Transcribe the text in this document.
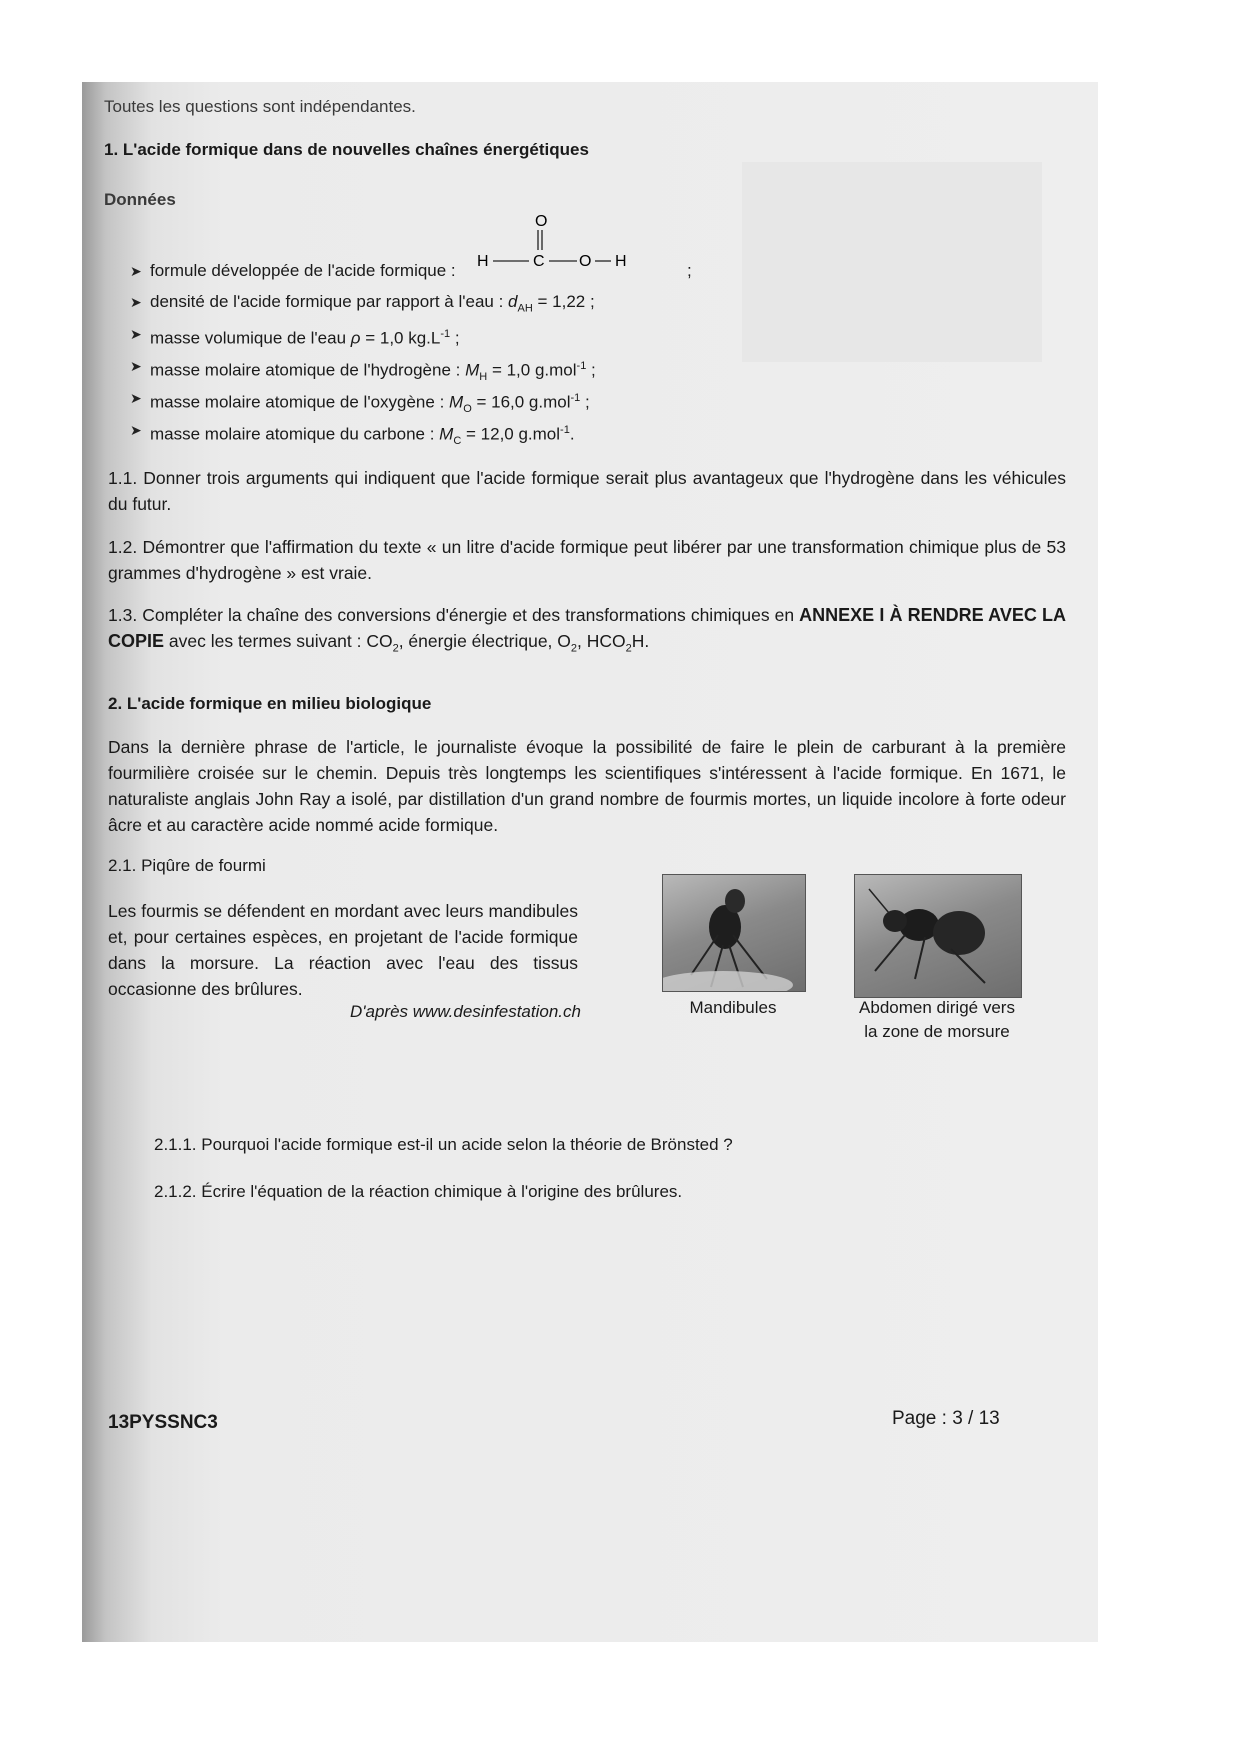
Toutes les questions sont indépendantes.
1. L'acide formique dans de nouvelles chaînes énergétiques
Données
➤ formule développée de l'acide formique :
O
H	C O H	;
➤ densité de l'acide formique par rapport à l'eau : $d_{AH} = 1,22$ ;
➤ masse volumique de l'eau ρ = 1,0 $kg.L^{-1}$ ;
➤ masse molaire atomique de l'hydrogène : $M_H = 1,0$ g.mol$^{-1}$ ;
➤ masse molaire atomique de l'oxygène : $M_O = 16,0$ g.mol$^{-1}$ ;
➤ masse molaire atomique du carbone : $M_C = 12,0$ g.mol$^{-1}$.
1.1. Donner trois arguments qui indiquent que l'acide formique serait plus avantageux que l'hydrogène dans les véhicules du futur.
1.2. Démontrer que l'affirmation du texte « un litre d'acide formique peut libérer par une transformation chimique plus de 53 grammes d'hydrogène » est vraie.
1.3. Compléter la chaîne des conversions d'énergie et des transformations chimiques en ANNEXE I À RENDRE AVEC LA COPIE avec les termes suivant : $CO_2$, énergie électrique, $O_2$, $HCO_2H$.
2. L'acide formique en milieu biologique
Dans la dernière phrase de l'article, le journaliste évoque la possibilité de faire le plein de carburant à la première fourmilière croisée sur le chemin. Depuis très longtemps les scientifiques s'intéressent à l'acide formique. En 1671, le naturaliste anglais John Ray a isolé, par distillation d'un grand nombre de fourmis mortes, un liquide incolore à forte odeur âcre et au caractère acide nommé acide formique.
2.1. Piqûre de fourmi
Les fourmis se défendent en mordant avec leurs mandibules et, pour certaines espèces, en projetant de l'acide formique dans la morsure. La réaction avec l'eau des tissus occasionne des brûlures.
D'après www.desinfestation.ch	Mandibules	Abdomen dirigé vers
la zone de morsure
2.1.1. Pourquoi l'acide formique est-il un acide selon la théorie de Brönsted ?
2.1.2. Écrire l'équation de la réaction chimique à l'origine des brûlures.
13PYSSNC3	Page : 3 / 13
